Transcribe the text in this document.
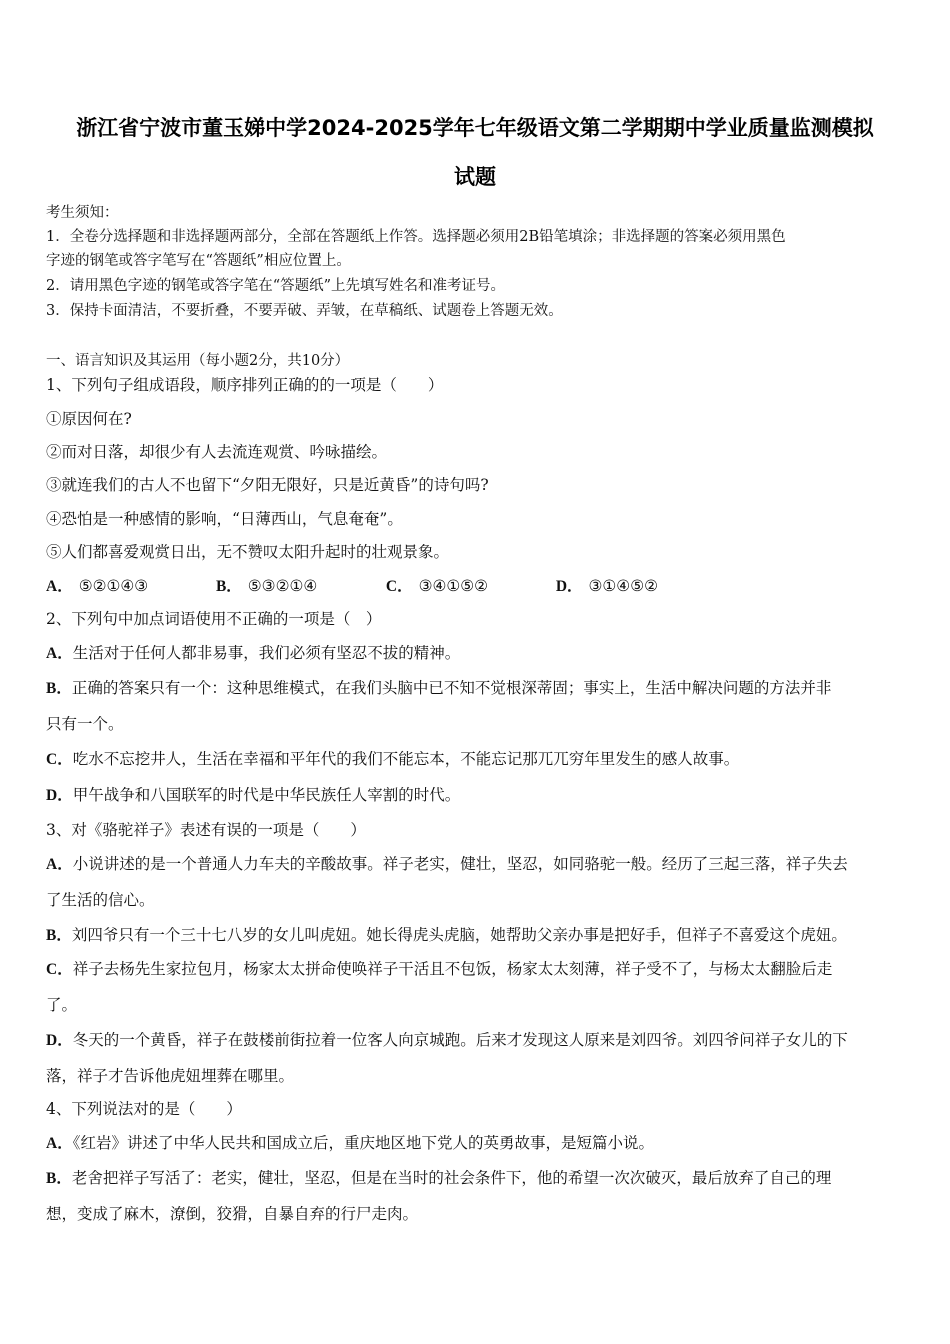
浙江省宁波市董玉娣中学2024-2025学年七年级语文第二学期期中学业质量监测模拟
试题
考生须知：
1．全卷分选择题和非选择题两部分，全部在答题纸上作答。选择题必须用2B铅笔填涂；非选择题的答案必须用黑色
字迹的钢笔或答字笔写在“答题纸”相应位置上。
2．请用黑色字迹的钢笔或答字笔在“答题纸”上先填写姓名和准考证号。
3．保持卡面清洁，不要折叠，不要弄破、弄皱，在草稿纸、试题卷上答题无效。
一、语言知识及其运用（每小题2分，共10分）
1、下列句子组成语段，顺序排列正确的的一项是（　　）
①原因何在?
②而对日落，却很少有人去流连观赏、吟咏描绘。
③就连我们的古人不也留下“夕阳无限好，只是近黄昏”的诗句吗?
④恐怕是一种感情的影响，“日薄西山，气息奄奄”。
⑤人们都喜爱观赏日出，无不赞叹太阳升起时的壮观景象。
A． ⑤②①④③	B． ⑤③②①④	C． ③④①⑤②	D． ③①④⑤②
2、下列句中加点词语使用不正确的一项是（　）
A．生活对于任何人都非易事，我们必须有坚忍不拔的精神。
B．正确的答案只有一个：这种思维模式，在我们头脑中已不知不觉根深蒂固；事实上，生活中解决问题的方法并非
只有一个。
C．吃水不忘挖井人，生活在幸福和平年代的我们不能忘本，不能忘记那兀兀穷年里发生的感人故事。
D．甲午战争和八国联军的时代是中华民族任人宰割的时代。
3、对《骆驼祥子》表述有误的一项是（　　）
A．小说讲述的是一个普通人力车夫的辛酸故事。祥子老实，健壮，坚忍，如同骆驼一般。经历了三起三落，祥子失去
了生活的信心。
B．刘四爷只有一个三十七八岁的女儿叫虎妞。她长得虎头虎脑，她帮助父亲办事是把好手，但祥子不喜爱这个虎妞。
C．祥子去杨先生家拉包月，杨家太太拼命使唤祥子干活且不包饭，杨家太太刻薄，祥子受不了，与杨太太翻脸后走
了。
D．冬天的一个黄昏，祥子在鼓楼前街拉着一位客人向京城跑。后来才发现这人原来是刘四爷。刘四爷问祥子女儿的下
落，祥子才告诉他虎妞埋葬在哪里。
4、下列说法对的是（　　）
A．《红岩》讲述了中华人民共和国成立后，重庆地区地下党人的英勇故事，是短篇小说。
B．老舍把祥子写活了：老实，健壮，坚忍，但是在当时的社会条件下，他的希望一次次破灭，最后放弃了自己的理
想，变成了麻木，潦倒，狡猾，自暴自弃的行尸走肉。
